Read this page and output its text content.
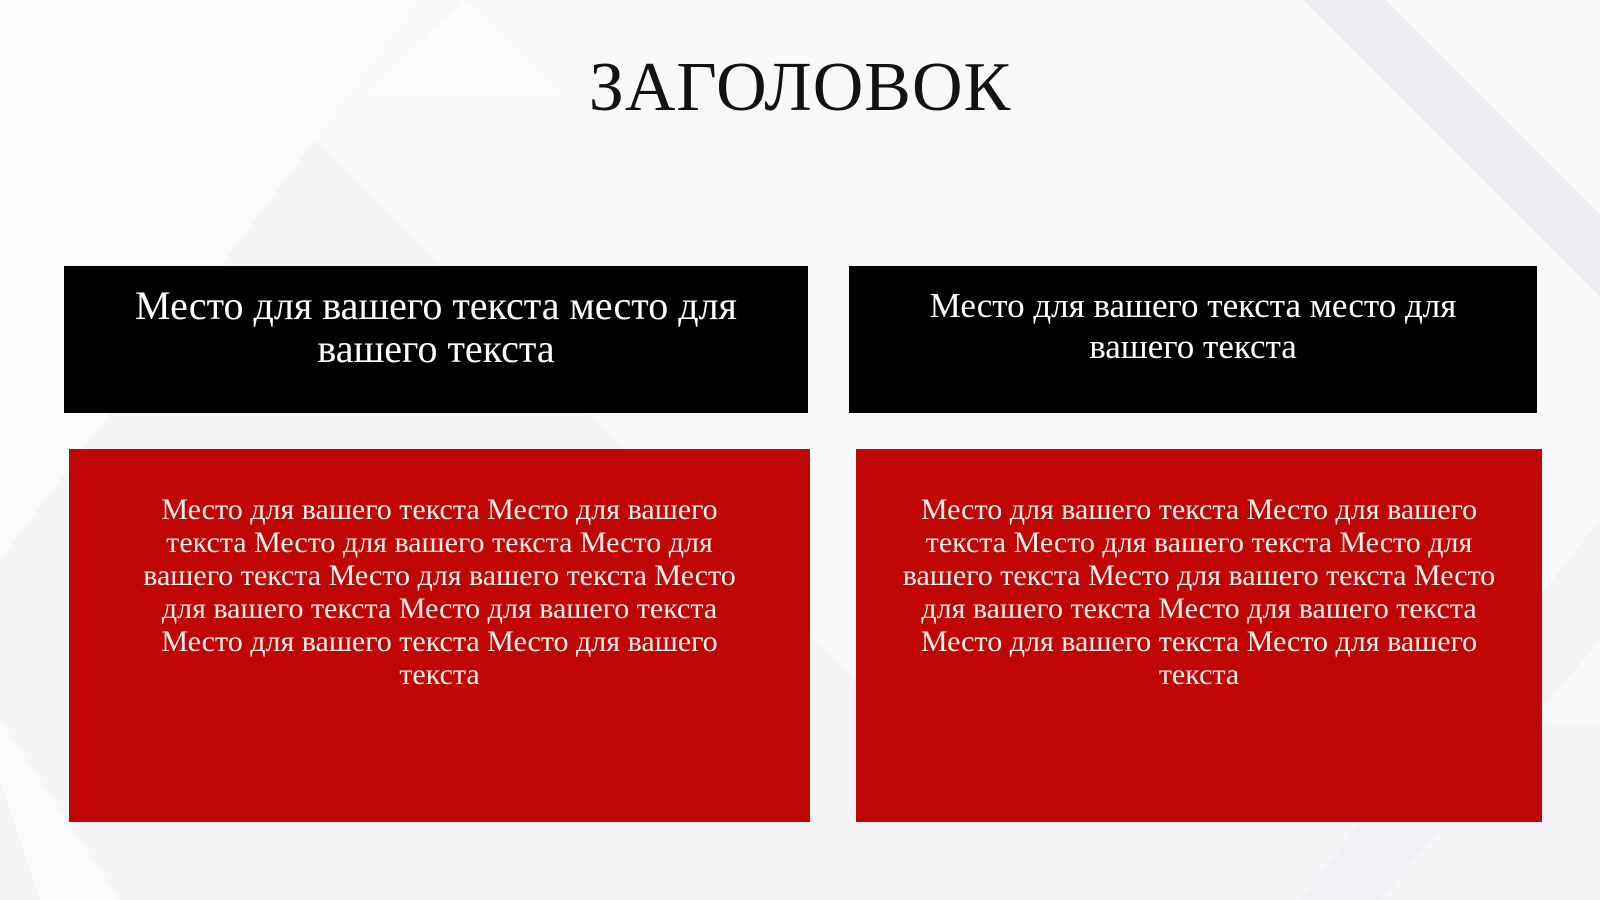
ЗАГОЛОВОК

Место для вашего текста место для вашего текста

Место для вашего текста место для вашего текста

Место для вашего текста Место для вашего текста Место для вашего текста Место для вашего текста Место для вашего текста Место для вашего текста Место для вашего текста Место для вашего текста Место для вашего текста

Место для вашего текста Место для вашего текста Место для вашего текста Место для вашего текста Место для вашего текста Место для вашего текста Место для вашего текста Место для вашего текста Место для вашего текста
